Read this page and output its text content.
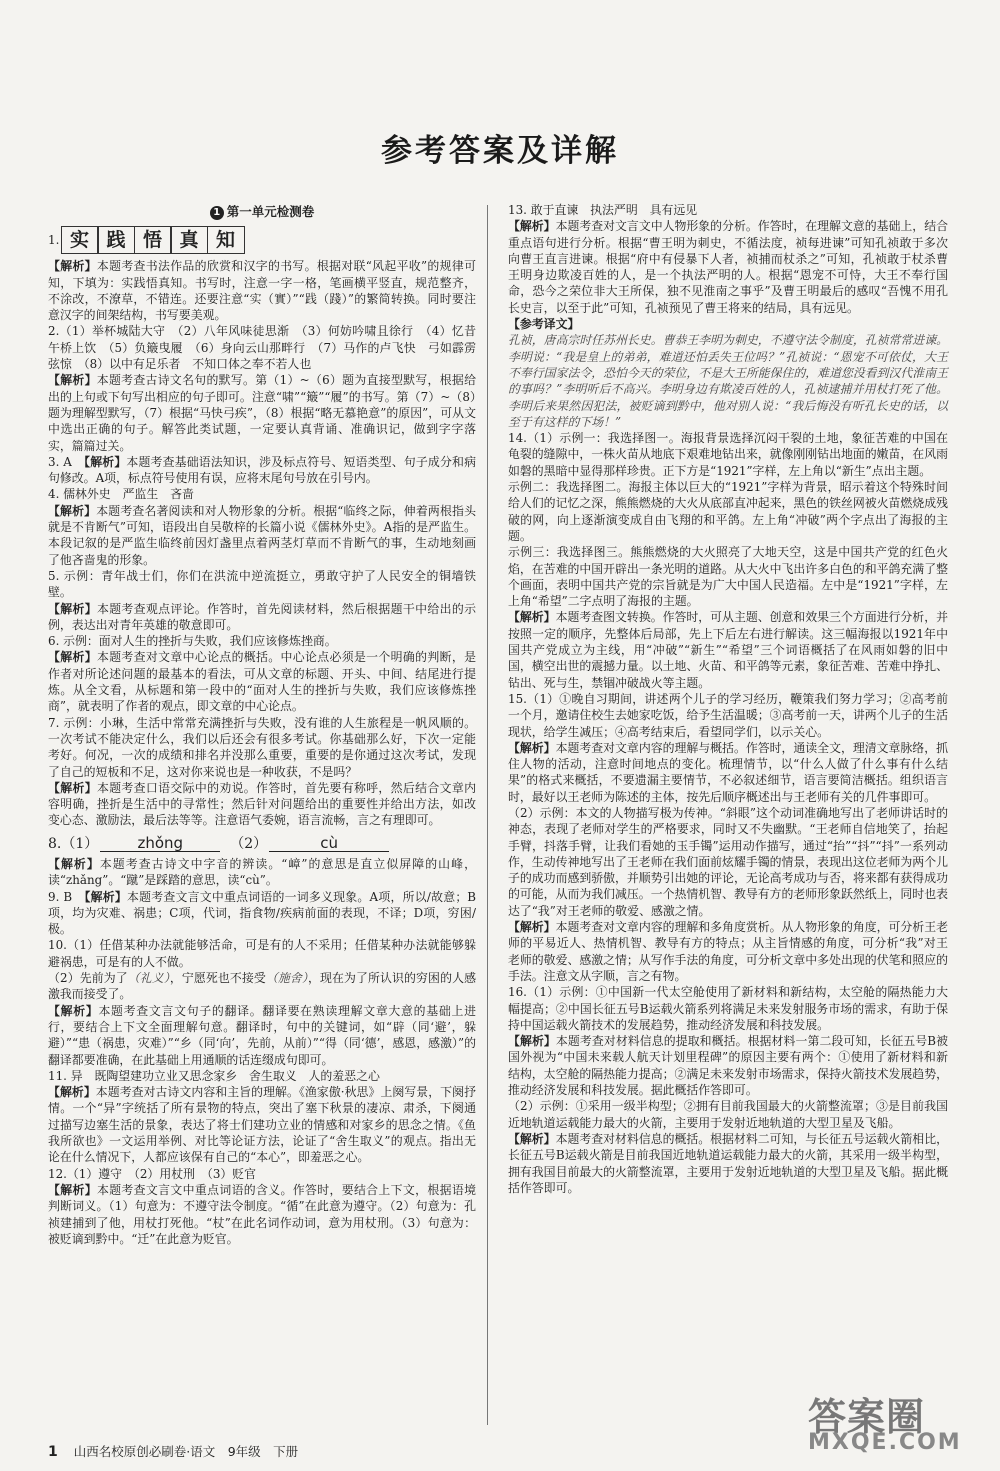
参考答案及详解
1 第一单元检测卷
1. 实 践 悟 真 知

【解析】本题考查书法作品的欣赏和汉字的书写。根据对联“风起平收”的规律可知，下填为：实践悟真知。书写时，注意一字一格，笔画横平竖直，规范整齐，不涂改，不潦草，不错连。还要注意“实（實）”“践（踐）”的繁简转换。同时要注意汉字的间架结构，书写要美观。

2.（1）举杯城陆大守　（2）八年风味徒思渐　（3）何妨吟啸且徐行　（4）忆昔午桥上饮　（5）负簸曳履　（6）身向云山那畔行　（7）马作的卢飞快　弓如霹雳弦惊　（8）以中有足乐者　不知口体之奉不若人也

【解析】本题考查古诗文名句的默写。第（1）~（6）题为直接型默写，根据给出的上句或下句写出相应的句子即可。注意“啸”“簸”“履”的书写。第（7）~（8）题为理解型默写，（7）根据“马快弓疾”，（8）根据“略无慕艳意”的原因”，可从文中选出正确的句子。解答此类试题，一定要认真背诵、准确识记，做到字字落实，篇篇过关。

3. A　【解析】本题考查基础语法知识，涉及标点符号、短语类型、句子成分和病句修改。A项，标点符号使用有误，应将末尾句号放在引号内。

4. 儒林外史　严监生　吝啬

【解析】本题考查名著阅读和对人物形象的分析。根据“临终之际，伸着两根指头就是不肯断气”可知，语段出自吴敬梓的长篇小说《儒林外史》。A指的是严监生。本段记叙的是严监生临终前因灯盏里点着两茎灯草而不肯断气的事，生动地刻画了他吝啬鬼的形象。

5. 示例：青年战士们，你们在洪流中逆流挺立，勇敢守护了人民安全的铜墙铁壁。

【解析】本题考查观点评论。作答时，首先阅读材料，然后根据题干中给出的示例，表达出对青年英雄的敬意即可。

6. 示例：面对人生的挫折与失败，我们应该修炼挫商。

【解析】本题考查对文章中心论点的概括。中心论点必须是一个明确的判断，是作者对所论述问题的最基本的看法，可从文章的标题、开头、中间、结尾进行提炼。从全文看，从标题和第一段中的“面对人生的挫折与失败，我们应该修炼挫商”，就表明了作者的观点，即文章的中心论点。

7. 示例：小琳，生活中常常充满挫折与失败，没有谁的人生旅程是一帆风顺的。一次考试不能决定什么，我们以后还会有很多考试。你基础那么好，下次一定能考好。何况，一次的成绩和排名并没那么重要，重要的是你通过这次考试，发现了自己的短板和不足，这对你来说也是一种收获，不是吗？

【解析】本题考查口语交际中的劝说。作答时，首先要有称呼，然后结合文章内容明确，挫折是生活中的寻常性；然后针对问题给出的重要性并给出方法，如改变心态、激励法，最后法等等。注意语气委婉，语言流畅，言之有理即可。

8.（1）	zhǒng	（2）	cù

【解析】本题考查古诗文中字音的辨读。“嶂”的意思是直立似屏障的山峰，读“zhǎng”。“蹴”是踩踏的意思，读“cù”。

9. B　【解析】本题考查文言文中重点词语的一词多义现象。A项，所以/故意；B项，均为灾难、祸患；C项，代词，指食物/疾病前面的表现，不译；D项，穷困/极。

10.（1）任借某种办法就能够活命，可是有的人不采用；任借某种办法就能够躲避祸患，可是有的人不做。

（2）先前为了（礼义），宁愿死也不接受（施舍），现在为了所认识的穷困的人感激我而接受了。

【解析】本题考查文言文句子的翻译。翻译要在熟读理解文章大意的基础上进行，要结合上下文全面理解句意。翻译时，句中的关键词，如“辟（同‘避’，躲避）”“患（祸患，灾难）”“乡（同‘向’，先前，从前）”“得（同‘德’，感恩，感激）”的翻译都要准确，在此基础上用通顺的话连缀成句即可。

11. 异　既陶望建功立业又思念家乡　舍生取义　人的羞恶之心

【解析】本题考查对古诗文内容和主旨的理解。《渔家傲·秋思》上阕写景，下阕抒情。一个“异”字统括了所有景物的特点，突出了塞下秋景的凄凉、肃杀，下阕通过描写边塞生活的景象，表达了将士们建功立业的情感和对家乡的思念之情。《鱼我所欲也》一文运用举例、对比等论证方法，论证了“舍生取义”的观点。指出无论在什么情况下，人都应该保有自己的“本心”，即羞恶之心。

12.（1）遵守　（2）用杖刑　（3）贬官

【解析】本题考查文言文中重点词语的含义。作答时，要结合上下文，根据语境判断词义。（1）句意为：不遵守法令制度。“循”在此意为遵守。（2）句意为：孔祯建捕到了他，用杖打死他。“杖”在此名词作动词，意为用杖刑。（3）句意为：被贬谪到黔中。“迁”在此意为贬官。

13. 敢于直谏　执法严明　具有远见

【解析】本题考查对文言文中人物形象的分析。作答时，在理解文意的基础上，结合重点语句进行分析。根据“曹王明为刺史，不循法度，祯每进谏”可知孔祯敢于多次向曹王直言进谏。根据“府中有侵暴下人者，祯捕而杖杀之”可知，孔祯敢于杖杀曹王明身边欺凌百姓的人，是一个执法严明的人。根据“恩宠不可恃，大王不奉行国命，恐今之荣位非大王所保，独不见淮南之事乎”及曹王明最后的感叹“吾愧不用孔长史言，以至于此”可知，孔祯预见了曹王将来的结局，具有远见。

【参考译文】

孔祯，唐高宗时任苏州长史。曹恭王李明为刺史，不遵守法令制度，孔祯常常进谏。李明说：“我是皇上的弟弟，难道还怕丢失王位吗？”孔祯说：“恩宠不可依仗，大王不奉行国家法令，恐怕今天的荣位，不是大王所能保住的，难道您没看到汉代淮南王的事吗？”李明听后不高兴。李明身边有欺凌百姓的人，孔祯逮捕并用杖打死了他。李明后来果然因犯法，被贬谪到黔中，他对别人说：“我后悔没有听孔长史的话，以至于有这样的下场！”

14.（1）示例一：我选择图一。海报背景选择沉闷干裂的土地，象征苦难的中国在龟裂的缝隙中，一株火苗从地底下艰难地钻出来，就像刚刚钻出地面的嫩苗，在风雨如磐的黑暗中显得那样珍贵。正下方是“1921”字样，左上角以“新生”点出主题。

示例二：我选择图二。海报主体以巨大的“1921”字样为背景，昭示着这个特殊时间给人们的记忆之深，熊熊燃烧的大火从底部直冲起来，黑色的铁丝网被火苗燃烧成残破的网，向上逐渐演变成自由飞翔的和平鸽。左上角“冲破”两个字点出了海报的主题。

示例三：我选择图三。熊熊燃烧的大火照亮了大地天空，这是中国共产党的红色火焰，在苦难的中国开辟出一条光明的道路。从大火中飞出许多白色的和平鸽充满了整个画面，表明中国共产党的宗旨就是为广大中国人民造福。左中是“1921”字样，左上角“希望”二字点明了海报的主题。

【解析】本题考查图文转换。作答时，可从主题、创意和效果三个方面进行分析，并按照一定的顺序，先整体后局部，先上下后左右进行解读。这三幅海报以1921年中国共产党成立为主线，用“冲破”“新生”“希望”三个词语概括了在风雨如磐的旧中国，横空出世的震撼力量。以土地、火苗、和平鸽等元素，象征苦难、苦难中挣扎、钻出、死与生，禁锢冲破战火等主题。

15.（1）①晚自习期间，讲述两个儿子的学习经历，鞭策我们努力学习；②高考前一个月，邀请住校生去她家吃饭，给予生活温暖；③高考前一天，讲两个儿子的生活现状，给学生减压；④高考结束后，看望同学们，以示关心。

【解析】本题考查对文章内容的理解与概括。作答时，通读全文，理清文章脉络，抓住人物的活动，注意时间地点的变化。梳理情节，以“什么人做了什么事有什么结果”的格式来概括，不要遗漏主要情节，不必叙述细节，语言要简洁概括。组织语言时，最好以王老师为陈述的主体，按先后顺序概述出与王老师有关的几件事即可。

（2）示例：本文的人物描写极为传神。“斜眼”这个动词准确地写出了老师讲话时的神态，表现了老师对学生的严格要求，同时又不失幽默。“王老师自信地笑了，抬起手臂，抖落手臂，让我们看她的玉手镯”运用动作描写，通过“抬”“抖”“抖”一系列动作，生动传神地写出了王老师在我们面前炫耀手镯的情景，表现出这位老师为两个儿子的成功而感到骄傲，并顺势引出她的评论，无论高考成功与否，将来都有获得成功的可能，从而为我们减压。一个热情机智、教导有方的老师形象跃然纸上，同时也表达了“我”对王老师的敬爱、感激之情。

【解析】本题考查对文章内容的理解和多角度赏析。从人物形象的角度，可分析王老师的平易近人、热情机智、教导有方的特点；从主旨情感的角度，可分析“我”对王老师的敬爱、感激之情；从写作手法的角度，可分析文章中多处出现的伏笔和照应的手法。注意文从字顺，言之有物。

16.（1）示例：①中国新一代太空舱使用了新材料和新结构，太空舱的隔热能力大幅提高；②中国长征五号B运载火箭系列将满足未来发射服务市场的需求，有助于保持中国运载火箭技术的发展趋势，推动经济发展和科技发展。

【解析】本题考查对材料信息的提取和概括。根据材料一第二段可知，长征五号B被国外视为“中国未来载人航天计划里程碑”的原因主要有两个：①使用了新材料和新结构，太空舱的隔热能力提高；②满足未来发射市场需求，保持火箭技术发展趋势，推动经济发展和科技发展。据此概括作答即可。

（2）示例：①采用一级半构型；②拥有目前我国最大的火箭整流罩；③是目前我国近地轨道运载能力最大的火箭，主要用于发射近地轨道的大型卫星及飞船。

【解析】本题考查对材料信息的概括。根据材料二可知，与长征五号运载火箭相比，长征五号B运载火箭是目前我国近地轨道运载能力最大的火箭，其采用一级半构型，拥有我国目前最大的火箭整流罩，主要用于发射近地轨道的大型卫星及飞船。据此概括作答即可。

1 山西名校原创必刷卷·语文　9年级　下册
答案圈
MXQE.COM
